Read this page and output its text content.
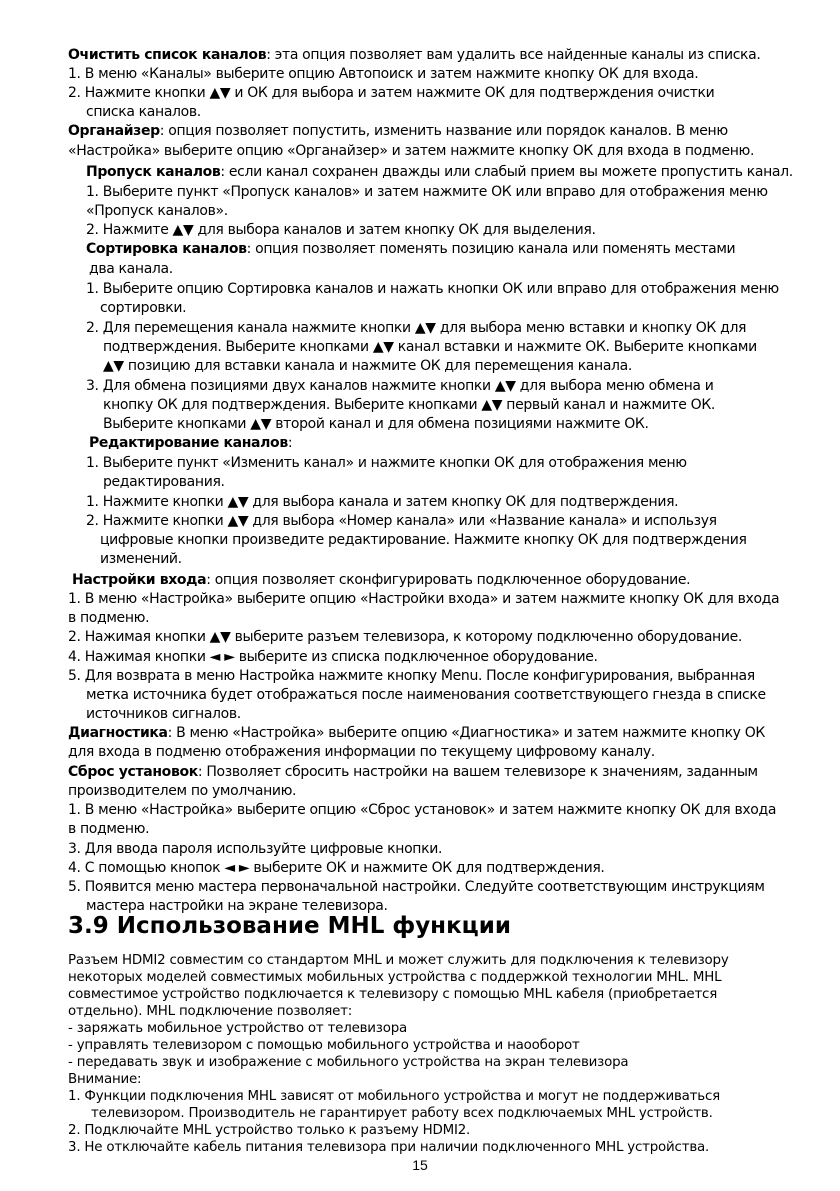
Очистить список каналов: эта опция позволяет вам удалить все найденные каналы из списка.
1. В меню «Каналы» выберите опцию Автопоиск и затем нажмите кнопку ОК для входа.
2. Нажмите кнопки ▲▼ и ОК для выбора и затем нажмите ОК для подтверждения очистки
списка каналов.
Органайзер: опция позволяет попустить, изменить название или порядок каналов. В меню
«Настройка» выберите опцию «Органайзер» и затем нажмите кнопку ОК для входа в подменю.
Пропуск каналов: если канал сохранен дважды или слабый прием вы можете пропустить канал.
1. Выберите пункт «Пропуск каналов» и затем нажмите ОК или вправо для отображения меню
«Пропуск каналов».
2. Нажмите ▲▼ для выбора каналов и затем кнопку ОК для выделения.
Сортировка каналов: опция позволяет поменять позицию канала или поменять местами
два канала.
1. Выберите опцию Сортировка каналов и нажать кнопки ОК или вправо для отображения меню
сортировки.
2. Для перемещения канала нажмите кнопки ▲▼ для выбора меню вставки и кнопку ОК для
подтверждения. Выберите кнопками ▲▼ канал вставки и нажмите ОК. Выберите кнопками
▲▼ позицию для вставки канала и нажмите ОК для перемещения канала.
3. Для обмена позициями двух каналов нажмите кнопки ▲▼ для выбора меню обмена и
кнопку ОК для подтверждения. Выберите кнопками ▲▼ первый канал и нажмите ОК.
Выберите кнопками ▲▼ второй канал и для обмена позициями нажмите ОК.
Редактирование каналов:
1. Выберите пункт «Изменить канал» и нажмите кнопки ОК для отображения меню
редактирования.
1. Нажмите кнопки ▲▼ для выбора канала и затем кнопку ОК для подтверждения.
2. Нажмите кнопки ▲▼ для выбора «Номер канала» или «Название канала» и используя
цифровые кнопки произведите редактирование. Нажмите кнопку ОК для подтверждения
изменений.
Настройки входа: опция позволяет сконфигурировать подключенное оборудование.
1. В меню «Настройка» выберите опцию «Настройки входа» и затем нажмите кнопку ОК для входа
в подменю.
2. Нажимая кнопки ▲▼ выберите разъем телевизора, к которому подключенно оборудование.
4. Нажимая кнопки ◄ ► выберите из списка подключенное оборудование.
5. Для возврата в меню Настройка нажмите кнопку Menu. После конфигурирования, выбранная
метка источника будет отображаться после наименования соответствующего гнезда в списке
источников сигналов.
Диагностика: В меню «Настройка» выберите опцию «Диагностика» и затем нажмите кнопку ОК
для входа в подменю отображения информации по текущему цифровому каналу.
Сброс установок: Позволяет сбросить настройки на вашем телевизоре к значениям, заданным
производителем по умолчанию.
1. В меню «Настройка» выберите опцию «Сброс установок» и затем нажмите кнопку ОК для входа
в подменю.
3. Для ввода пароля используйте цифровые кнопки.
4. С помощью кнопок ◄ ► выберите ОК и нажмите ОК для подтверждения.
5. Появится меню мастера первоначальной настройки. Следуйте соответствующим инструкциям
мастера настройки на экране телевизора.
3.9 Использование MHL функции
Разъем HDMI2 совместим со стандартом MHL и может служить для подключения к телевизору
некоторых моделей совместимых мобильных устройства с поддержкой технологии MHL. MHL
совместимое устройство подключается к телевизору с помощью MHL кабеля (приобретается
отдельно). MHL подключение позволяет:
- заряжать мобильное устройство от телевизора
- управлять телевизором с помощью мобильного устройства и наооборот
- передавать звук и изображение с мобильного устройства на экран телевизора
Внимание:
1. Функции подключения MHL зависят от мобильного устройства и могут не поддерживаться
телевизором. Производитель не гарантирует работу всех подключаемых MHL устройств.
2. Подключайте MHL устройство только к разъему HDMI2.
3. Не отключайте кабель питания телевизора при наличии подключенного MHL устройства.
15
